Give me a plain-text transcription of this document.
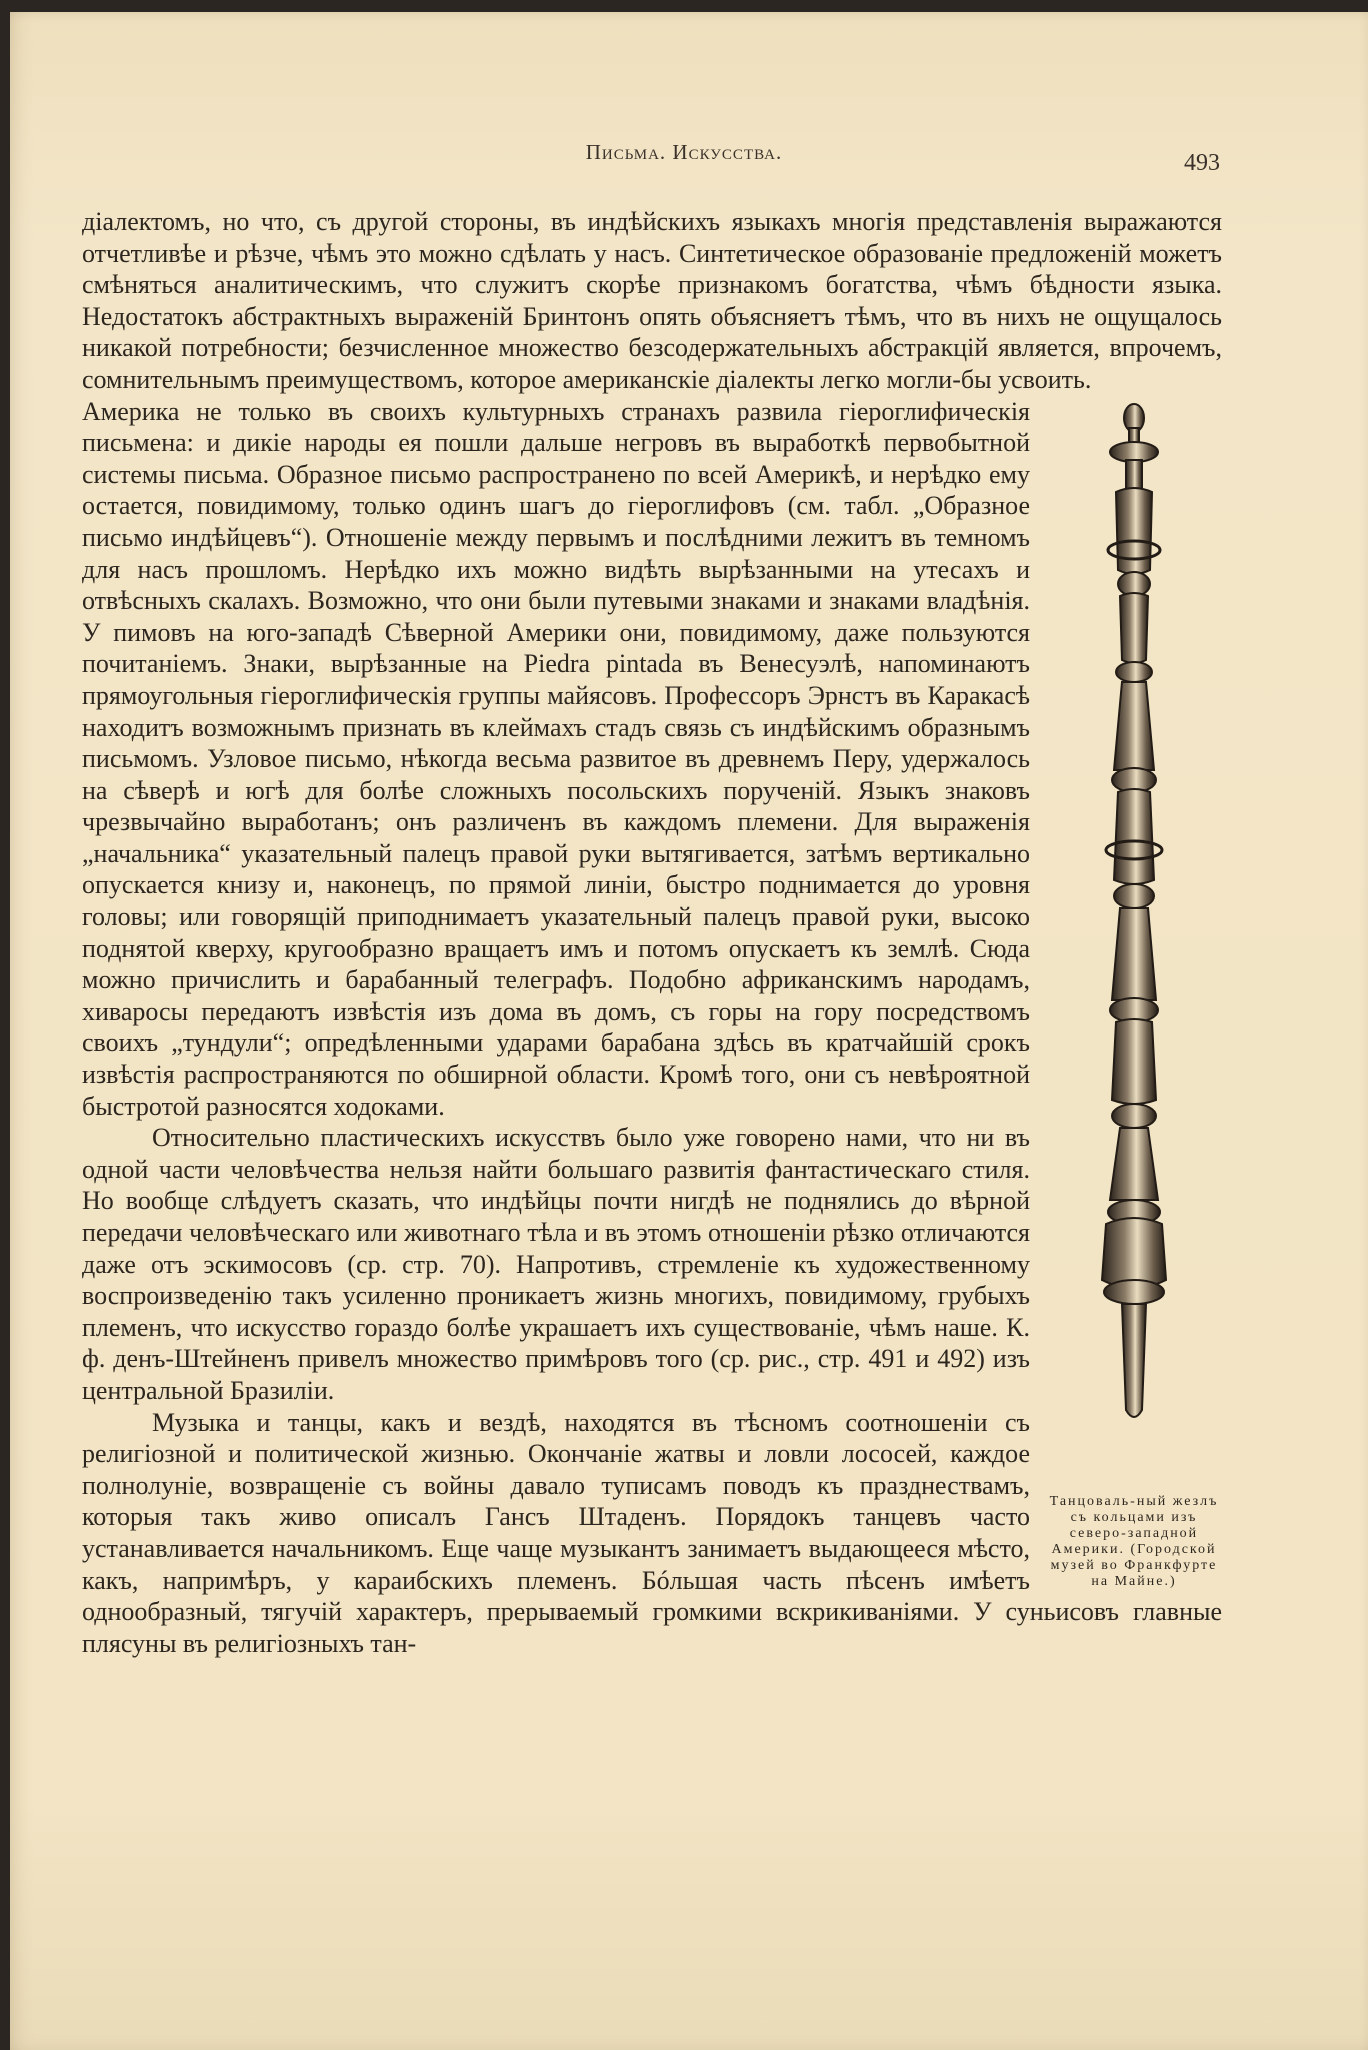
Письма. Искусства.	493

діалектомъ, но что, съ другой стороны, въ индѣйскихъ языкахъ многія представленія выражаются отчетливѣе и рѣзче, чѣмъ это можно сдѣлать у насъ. Синтетическое образованіе предложеній можетъ смѣняться аналитическимъ, что служитъ скорѣе признакомъ богатства, чѣмъ бѣдности языка. Недостатокъ абстрактныхъ выраженій Бринтонъ опять объясняетъ тѣмъ, что въ нихъ не ощущалось никакой потребности; безчисленное множество безсодержательныхъ абстракцій является, впрочемъ, сомнительнымъ преимуществомъ, которое американскіе діалекты легко могли-бы усвоить.

Танцоваль-ный жезлъ съ кольцами изъ северо-западной Америки. (Городской музей во Франкфурте на Майне.)

Америка не только въ своихъ культурныхъ странахъ развила гіероглифическія письмена: и дикіе народы ея пошли дальше негровъ въ выработкѣ первобытной системы письма. Образное письмо распространено по всей Америкѣ, и нерѣдко ему остается, повидимому, только одинъ шагъ до гіероглифовъ (см. табл. „Образное письмо индѣйцевъ“). Отношеніе между первымъ и послѣдними лежитъ въ темномъ для насъ прошломъ. Нерѣдко ихъ можно видѣть вырѣзанными на утесахъ и отвѣсныхъ скалахъ. Возможно, что они были путевыми знаками и знаками владѣнія. У пимовъ на юго-западѣ Сѣверной Америки они, повидимому, даже пользуются почитаніемъ. Знаки, вырѣзанные на Piedra pintada въ Венесуэлѣ, напоминаютъ прямоугольныя гіероглифическія группы майясовъ. Профессоръ Эрнстъ въ Каракасѣ находитъ возможнымъ признать въ клеймахъ стадъ связь съ индѣйскимъ образнымъ письмомъ. Узловое письмо, нѣкогда весьма развитое въ древнемъ Перу, удержалось на сѣверѣ и югѣ для болѣе сложныхъ посольскихъ порученій. Языкъ знаковъ чрезвычайно выработанъ; онъ различенъ въ каждомъ племени. Для выраженія „начальника“ указательный палецъ правой руки вытягивается, затѣмъ вертикально опускается книзу и, наконецъ, по прямой линіи, быстро поднимается до уровня головы; или говорящій приподнимаетъ указательный палецъ правой руки, высоко поднятой кверху, кругообразно вращаетъ имъ и потомъ опускаетъ къ землѣ. Сюда можно причислить и барабанный телеграфъ. Подобно африканскимъ народамъ, хиваросы передаютъ извѣстія изъ дома въ домъ, съ горы на гору посредствомъ своихъ „тундули“; опредѣленными ударами барабана здѣсь въ кратчайшій срокъ извѣстія распространяются по обширной области. Кромѣ того, они съ невѣроятной быстротой разносятся ходоками.

Относительно пластическихъ искусствъ было уже говорено нами, что ни въ одной части человѣчества нельзя найти большаго развитія фантастическаго стиля. Но вообще слѣдуетъ сказать, что индѣйцы почти нигдѣ не поднялись до вѣрной передачи человѣческаго или животнаго тѣла и въ этомъ отношеніи рѣзко отличаются даже отъ эскимосовъ (ср. стр. 70). Напротивъ, стремленіе къ художественному воспроизведенію такъ усиленно проникаетъ жизнь многихъ, повидимому, грубыхъ племенъ, что искусство гораздо болѣе украшаетъ ихъ существованіе, чѣмъ наше. К. ф. денъ-Штейненъ привелъ множество примѣровъ того (ср. рис., стр. 491 и 492) изъ центральной Бразиліи.

Музыка и танцы, какъ и вездѣ, находятся въ тѣсномъ соотношеніи съ религіозной и политической жизнью. Окончаніе жатвы и ловли лососей, каждое полнолуніе, возвращеніе съ войны давало туписамъ поводъ къ празднествамъ, которыя такъ живо описалъ Гансъ Штаденъ. Порядокъ танцевъ часто устанавливается начальникомъ. Еще чаще музыкантъ занимаетъ выдающееся мѣсто, какъ, напримѣръ, у караибскихъ племенъ. Бóльшая часть пѣсенъ имѣетъ однообразный, тягучій характеръ, прерываемый громкими вскрикиваніями. У суньисовъ главные плясуны въ религіозныхъ тан-
